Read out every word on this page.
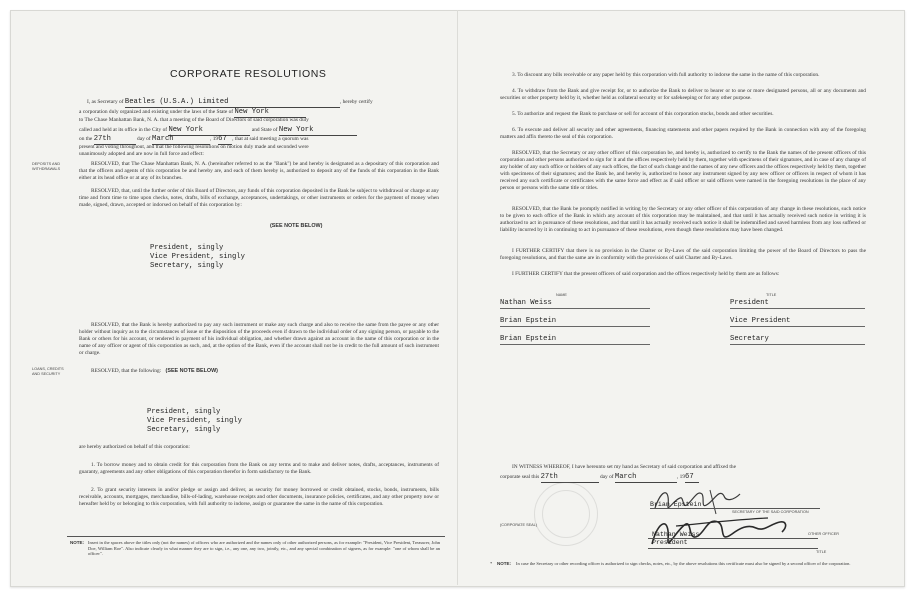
CORPORATE RESOLUTIONS
I, as Secretary of Beatles (U.S.A.) Limited	, hereby certify
a corporation duly organized and existing under the laws of the State of New York
to The Chase Manhattan Bank, N. A. that a meeting of the Board of Directors of said corporation was duly
called and held at its office in the City of New York	and State of New York
on the 27th	day of March	, 1967 , that at said meeting a quorum was
present and voting throughout, and that the following resolutions on motion duly made and seconded were
unanimously adopted and are now in full force and effect:
DEPOSITS AND
WITHDRAWALS
RESOLVED, that The Chase Manhattan Bank, N. A. (hereinafter referred to as the "Bank") be and hereby is designated as a depositary of this corporation and that the officers and agents of this corporation be and hereby are, and each of them hereby is, authorized to deposit any of the funds of this corporation in the Bank either at its head office or at any of its branches.
RESOLVED, that, until the further order of this Board of Directors, any funds of this corporation deposited in the Bank be subject to withdrawal or charge at any time and from time to time upon checks, notes, drafts, bills of exchange, acceptances, undertakings, or other instruments or orders for the payment of money when made, signed, drawn, accepted or indorsed on behalf of this corporation by:
(SEE NOTE BELOW)
President, singly
Vice President, singly
Secretary, singly
RESOLVED, that the Bank is hereby authorized to pay any such instrument or make any such charge and also to receive the same from the payee or any other holder without inquiry as to the circumstances of issue or the disposition of the proceeds even if drawn to the individual order of any signing person, or payable to the Bank or others for his account, or tendered in payment of his individual obligation, and whether drawn against an account in the name of this corporation or in the name of any officer or agent of this corporation as such, and, at the option of the Bank, even if the account shall not be in credit to the full amount of such instrument or charge.
LOANS, CREDITS
AND SECURITY	RESOLVED, that the following: (SEE NOTE BELOW)
President, singly
Vice President, singly
Secretary, singly
are hereby authorized on behalf of this corporation:
1. To borrow money and to obtain credit for this corporation from the Bank on any terms and to make and deliver notes, drafts, acceptances, instruments of guaranty, agreements and any other obligations of this corporation therefor in form satisfactory to the Bank.
2. To grant security interests in and/or pledge or assign and deliver, as security for money borrowed or credit obtained, stocks, bonds, instruments, bills receivable, accounts, mortgages, merchandise, bills-of-lading, warehouse receipts and other documents, insurance policies, certificates, and any other property now or hereafter held by or belonging to this corporation, with full authority to indorse, assign or guarantee the same in the name of this corporation.
NOTE: Insert in the spaces above the titles only (not the names) of officers who are authorized and the names only of other authorized persons, as for example: "President, Vice President, Treasurer, John Doe, William Roe". Also indicate clearly in what manner they are to sign, i.e., any one, any two, jointly, etc., and any special combination of signers, as for example: "one of whom shall be an officer".
3. To discount any bills receivable or any paper held by this corporation with full authority to indorse the same in the name of this corporation.
4. To withdraw from the Bank and give receipt for, or to authorize the Bank to deliver to bearer or to one or more designated persons, all or any documents and securities or other property held by it, whether held as collateral security or for safekeeping or for any other purpose.
5. To authorize and request the Bank to purchase or sell for account of this corporation stocks, bonds and other securities.
6. To execute and deliver all security and other agreements, financing statements and other papers required by the Bank in connection with any of the foregoing matters and affix thereto the seal of this corporation.
RESOLVED, that the Secretary or any other officer of this corporation be, and hereby is, authorized to certify to the Bank the names of the present officers of this corporation and other persons authorized to sign for it and the offices respectively held by them, together with specimens of their signatures, and in case of any change of any holder of any such office or holders of any such offices, the fact of such change and the names of any new officers and the offices respectively held by them, together with specimens of their signatures; and the Bank be, and hereby is, authorized to honor any instrument signed by any new officer or officers in respect of whom it has received any such certificate or certificates with the same force and effect as if said officer or said officers were named in the foregoing resolutions in the place of any person or persons with the same title or titles.
RESOLVED, that the Bank be promptly notified in writing by the Secretary or any other officer of this corporation of any change in these resolutions, such notice to be given to each office of the Bank in which any account of this corporation may be maintained, and that until it has actually received such notice in writing it is authorized to act in pursuance of these resolutions, and that until it has actually received such notice it shall be indemnified and saved harmless from any loss suffered or liability incurred by it in continuing to act in pursuance of these resolutions, even though these resolutions may have been changed.
I FURTHER CERTIFY that there is no provision in the Charter or By-Laws of the said corporation limiting the power of the Board of Directors to pass the foregoing resolutions, and that the same are in conformity with the provisions of said Charter and By-Laws.
I FURTHER CERTIFY that the present officers of said corporation and the offices respectively held by them are as follows:
NAME	TITLE
Nathan Weiss	President
Brian Epstein	Vice President
Brian Epstein	Secretary
IN WITNESS WHEREOF, I have hereunto set my hand as Secretary of said corporation and affixed the
corporate seal this 27th	day of March	, 1967
Brian Epstein
SECRETARY OF THE SAID CORPORATION
(CORPORATE SEAL)
OTHER OFFICER
Nathan Weiss
President
TITLE
* NOTE: In case the Secretary or other recording officer is authorized to sign checks, notes, etc., by the above resolutions this certificate must also be signed by a second officer of the corporation.
